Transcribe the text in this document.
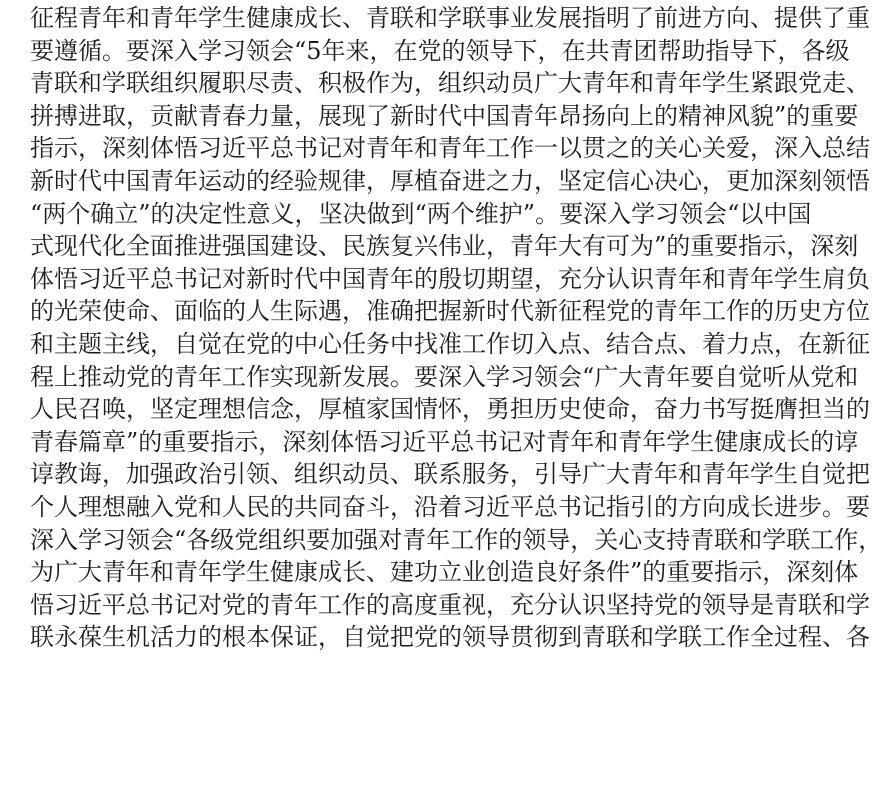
征程青年和青年学生健康成长、青联和学联事业发展指明了前进方向、提供了重
要遵循。要深入学习领会“5年来，在党的领导下，在共青团帮助指导下，各级
青联和学联组织履职尽责、积极作为，组织动员广大青年和青年学生紧跟党走、
拼搏进取，贡献青春力量，展现了新时代中国青年昂扬向上的精神风貌”的重要
指示，深刻体悟习近平总书记对青年和青年工作一以贯之的关心关爱，深入总结
新时代中国青年运动的经验规律，厚植奋进之力，坚定信心决心，更加深刻领悟
“两个确立”的决定性意义，坚决做到“两个维护”。要深入学习领会“以中国
式现代化全面推进强国建设、民族复兴伟业，青年大有可为”的重要指示，深刻
体悟习近平总书记对新时代中国青年的殷切期望，充分认识青年和青年学生肩负
的光荣使命、面临的人生际遇，准确把握新时代新征程党的青年工作的历史方位
和主题主线，自觉在党的中心任务中找准工作切入点、结合点、着力点，在新征
程上推动党的青年工作实现新发展。要深入学习领会“广大青年要自觉听从党和
人民召唤，坚定理想信念，厚植家国情怀，勇担历史使命，奋力书写挺膺担当的
青春篇章”的重要指示，深刻体悟习近平总书记对青年和青年学生健康成长的谆
谆教诲，加强政治引领、组织动员、联系服务，引导广大青年和青年学生自觉把
个人理想融入党和人民的共同奋斗，沿着习近平总书记指引的方向成长进步。要
深入学习领会“各级党组织要加强对青年工作的领导，关心支持青联和学联工作，
为广大青年和青年学生健康成长、建功立业创造良好条件”的重要指示，深刻体
悟习近平总书记对党的青年工作的高度重视，充分认识坚持党的领导是青联和学
联永葆生机活力的根本保证，自觉把党的领导贯彻到青联和学联工作全过程、各
